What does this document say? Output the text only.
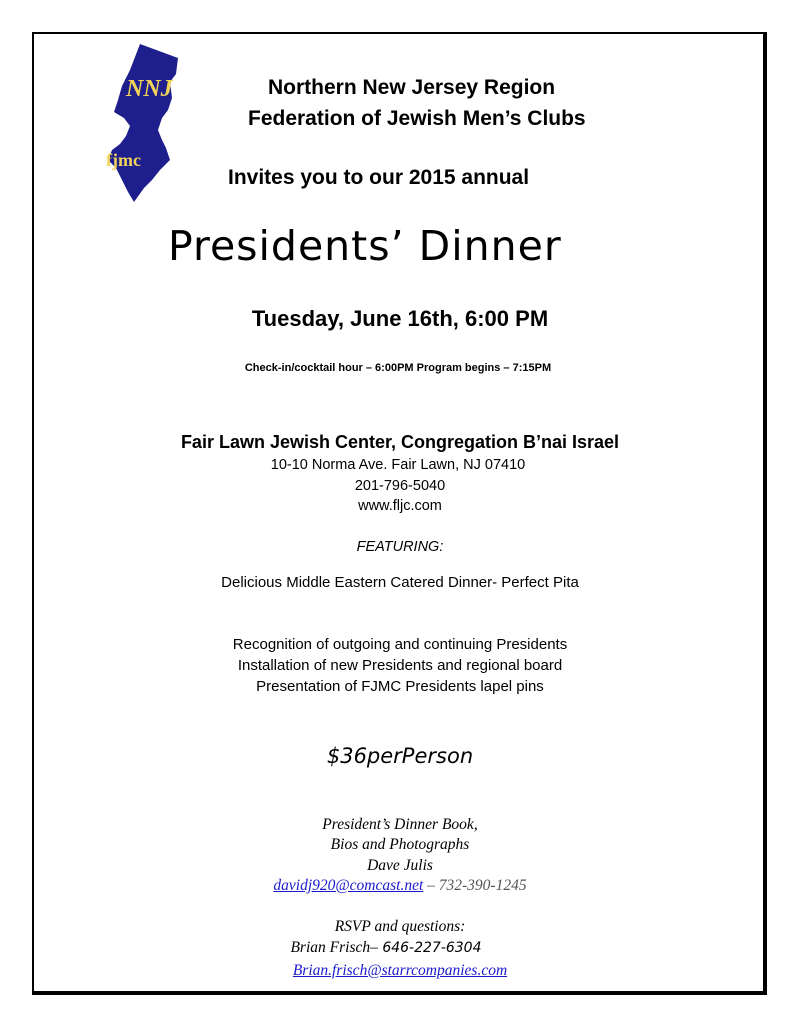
NNJ
fjmc
Northern New Jersey Region
Federation of Jewish Men’s Clubs
Invites you to our 2015 annual
Presidents’ Dinner
Tuesday, June 16th, 6:00 PM
Check-in/cocktail hour – 6:00PM Program begins – 7:15PM
Fair Lawn Jewish Center, Congregation B’nai Israel
10-10 Norma Ave. Fair Lawn, NJ 07410
201-796-5040
www.fljc.com
FEATURING:
Delicious Middle Eastern Catered Dinner- Perfect Pita
Recognition of outgoing and continuing Presidents
Installation of new Presidents and regional board
Presentation of FJMC Presidents lapel pins
$36perPerson
President’s Dinner Book,
Bios and Photographs
Dave Julis
davidj920@comcast.net – 732-390-1245
RSVP and questions:
Brian Frisch– 646-227-6304
Brian.frisch@starrcompanies.com
